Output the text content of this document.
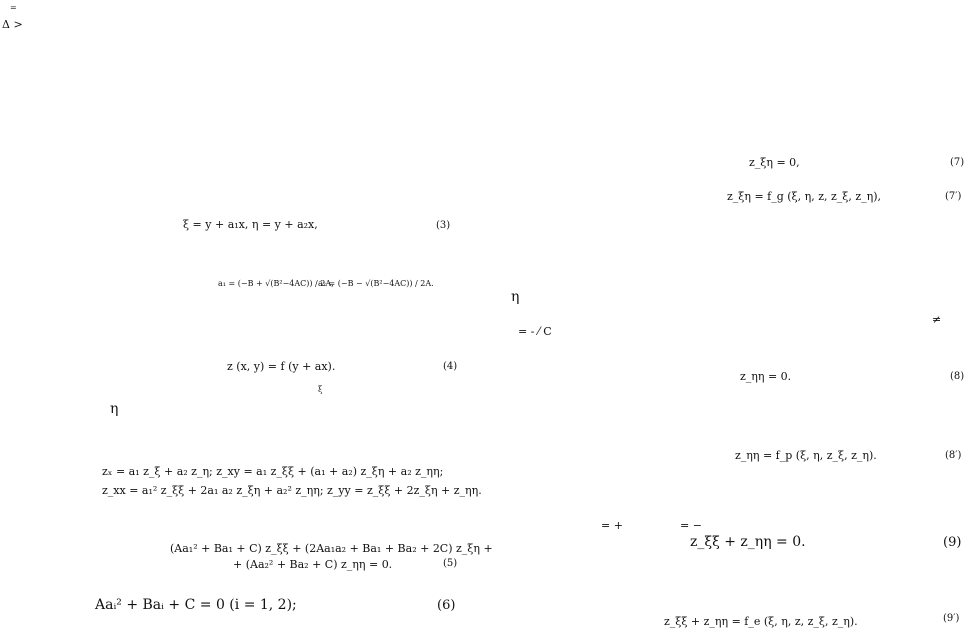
=
Δ >
η
ξ
η
= - ⁄ C
≠
= +	= −
ξ = y + a₁x, η = y + a₂x,	(3)
a₁ = (−B + √(B²−4AC)) / 2A,
a₂ = (−B − √(B²−4AC)) / 2A.
z (x, y) = f (y + ax).	(4)
zₓ = a₁ z_ξ + a₂ z_η; z_xy = a₁ z_ξξ + (a₁ + a₂) z_ξη + a₂ z_ηη;
z_xx = a₁² z_ξξ + 2a₁ a₂ z_ξη + a₂² z_ηη; z_yy = z_ξξ + 2z_ξη + z_ηη.
(Aa₁² + Ba₁ + C) z_ξξ + (2Aa₁a₂ + Ba₁ + Ba₂ + 2C) z_ξη +
+ (Aa₂² + Ba₂ + C) z_ηη = 0.	(5)
Aaᵢ² + Baᵢ + C = 0 (i = 1, 2);	(6)
z_ξη = 0,	(7)
z_ξη = f_g (ξ, η, z, z_ξ, z_η),	(7′)
z_ηη = 0.	(8)
z_ηη = f_p (ξ, η, z_ξ, z_η).	(8′)
z_ξξ + z_ηη = 0.	(9)
z_ξξ + z_ηη = f_e (ξ, η, z, z_ξ, z_η).	(9′)
